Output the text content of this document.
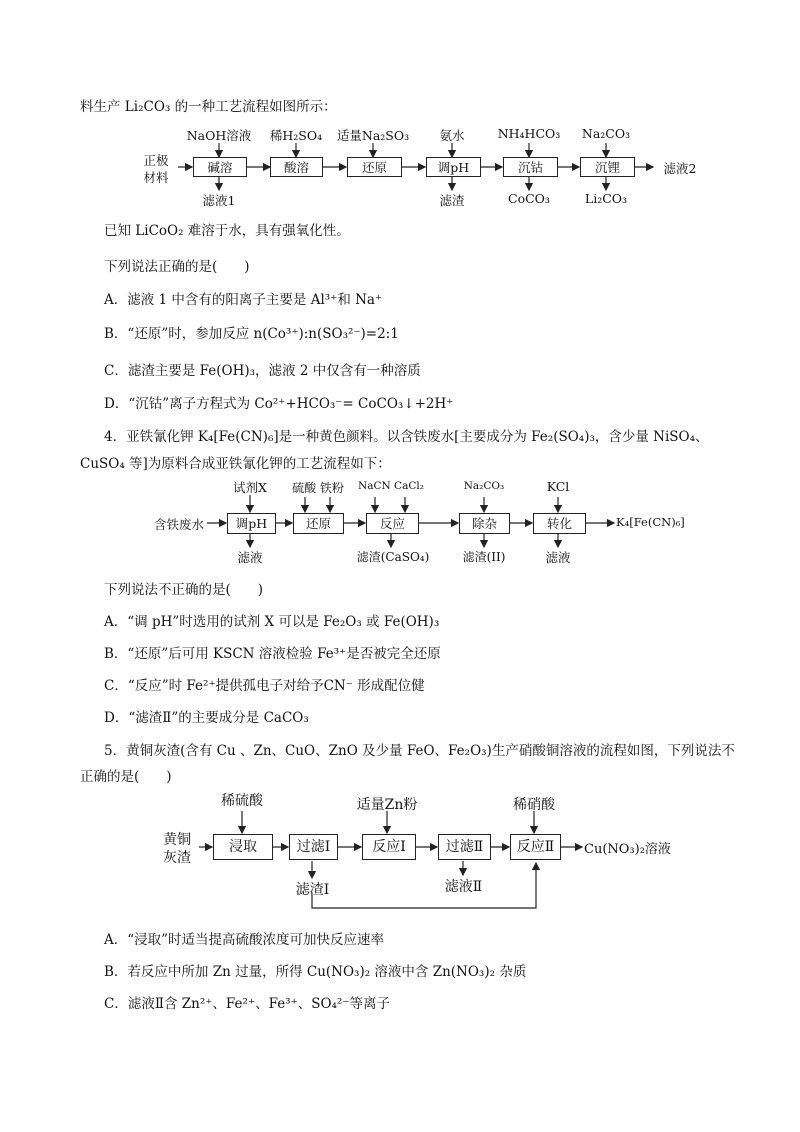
料生产 Li₂CO₃ 的一种工艺流程如图所示：
正极
材料
碱溶	酸溶	还原	调pH	沉钴	沉锂
NaOH溶液	稀H₂SO₄	适量Na₂SO₃	氨水	NH₄HCO₃	Na₂CO₃
滤液1	滤渣	CoCO₃	Li₂CO₃
滤液2
已知 LiCoO₂ 难溶于水，具有强氧化性。
下列说法正确的是(　　)
A．滤液 1 中含有的阳离子主要是 Al³⁺和 Na⁺
B．“还原”时，参加反应 n(Co³⁺):n(SO₃²⁻)=2:1
C．滤渣主要是 Fe(OH)₃，滤液 2 中仅含有一种溶质
D．“沉钴”离子方程式为 Co²⁺+HCO₃⁻= CoCO₃↓+2H⁺
4．亚铁氰化钾 K₄[Fe(CN)₆]是一种黄色颜料。以含铁废水[主要成分为 Fe₂(SO₄)₃，含少量 NiSO₄、
CuSO₄ 等]为原料合成亚铁氰化钾的工艺流程如下：
含铁废水	调pH	还原	反应	除杂	转化
试剂X	硫酸 铁粉	NaCN CaCl₂	Na₂CO₃	KCl
滤液	滤渣(CaSO₄)	滤渣(II)	滤液
K₄[Fe(CN)₆]
下列说法不正确的是(　　)
A．“调 pH”时选用的试剂 X 可以是 Fe₂O₃ 或 Fe(OH)₃
B．“还原”后可用 KSCN 溶液检验 Fe³⁺是否被完全还原
C．“反应”时 Fe²⁺提供孤电子对给予CN⁻ 形成配位健
D．“滤渣Ⅱ”的主要成分是 CaCO₃
5．黄铜灰渣(含有 Cu 、Zn、CuO、ZnO 及少量 FeO、Fe₂O₃)生产硝酸铜溶液的流程如图，下列说法不
正确的是(　　)
黄铜
灰渣
浸取	过滤Ⅰ	反应Ⅰ	过滤Ⅱ	反应Ⅱ
稀硫酸	适量Zn粉	稀硝酸
滤渣Ⅰ	滤液Ⅱ
Cu(NO₃)₂溶液
A．“浸取”时适当提高硫酸浓度可加快反应速率
B．若反应中所加 Zn 过量，所得 Cu(NO₃)₂ 溶液中含 Zn(NO₃)₂ 杂质
C．滤液Ⅱ含 Zn²⁺、Fe²⁺、Fe³⁺、SO₄²⁻等离子
